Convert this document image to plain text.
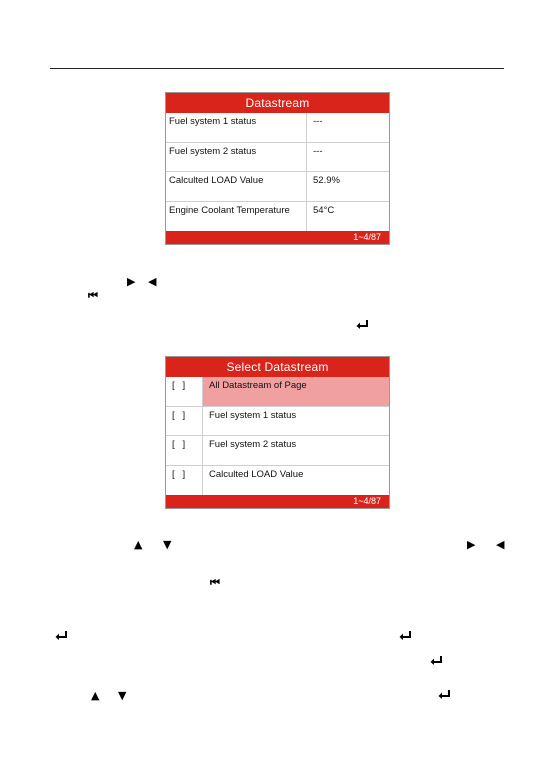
Datastream
Fuel system 1 status	---
Fuel system 2 status	---
Calculted LOAD Value	52.9%
Engine Coolant Temperature	54°C
1~4/87
▶ ◀
⏮
Select Datastream
[   ]	All Datastream of Page
[   ]	Fuel system 1 status
[   ]	Fuel system 2 status
[   ]	Calculted LOAD Value
1~4/87
▲ ▼	▶ ◀
⏮
▲ ▼
